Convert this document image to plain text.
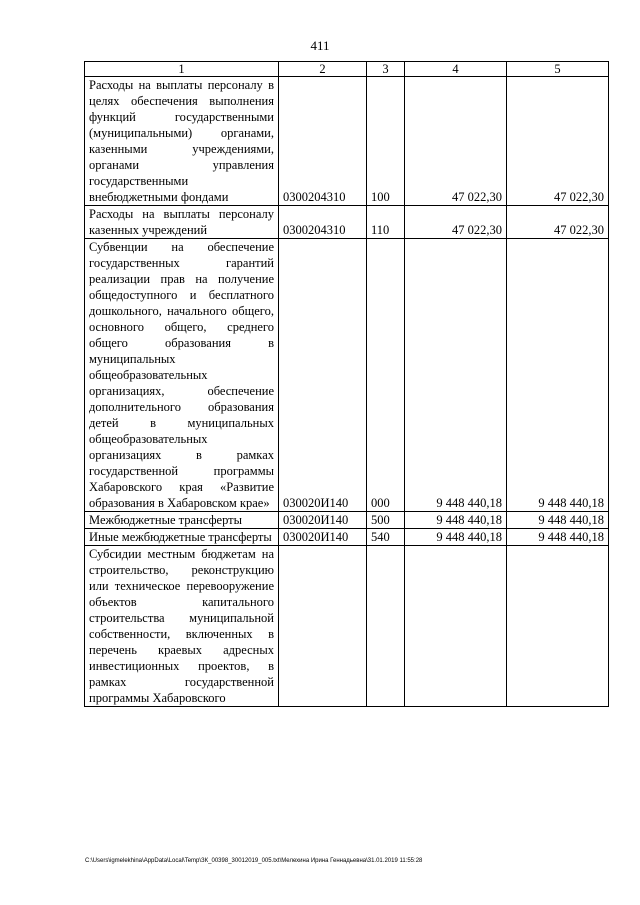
411
1	2	3	4	5
Расходы на выплаты персоналу в целях обеспечения выполнения функций государственными (муниципальными) органами, казенными учреждениями, органами управления государственными внебюджетными фондами	0300204310	100	47 022,30	47 022,30
Расходы на выплаты персоналу казенных учреждений	0300204310	110	47 022,30	47 022,30
Субвенции на обеспечение государственных гарантий реализации прав на получение общедоступного и бесплатного дошкольного, начального общего, основного общего, среднего общего образования в муниципальных общеобразовательных организациях, обеспечение дополнительного образования детей в муниципальных общеобразовательных организациях в рамках государственной программы Хабаровского края «Развитие образования в Хабаровском крае»	030020И140	000	9 448 440,18	9 448 440,18
Межбюджетные трансферты	030020И140	500	9 448 440,18	9 448 440,18
Иные межбюджетные трансферты	030020И140	540	9 448 440,18	9 448 440,18
Субсидии местным бюджетам на строительство, реконструкцию или техническое перевооружение объектов капитального строительства муниципальной собственности, включенных в перечень краевых адресных инвестиционных проектов, в рамках государственной программы Хабаровского				
C:\Users\igmelekhina\AppData\Local\Temp\ЗК_00398_30012019_005.txt\Мелехина Ирина Геннадьевна\31.01.2019 11:55:28
